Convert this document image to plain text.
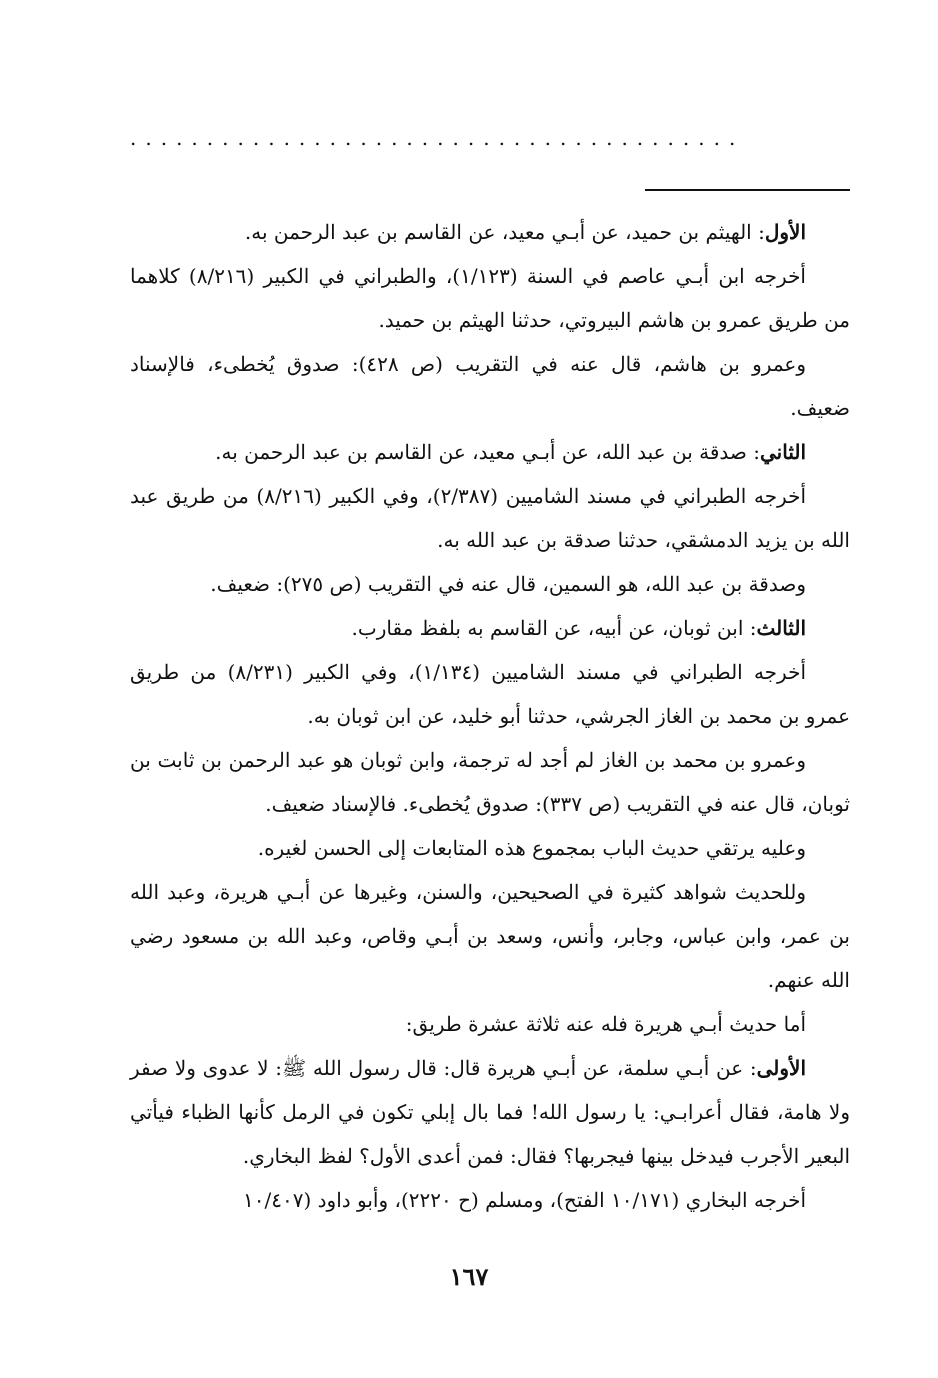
........................................

الأول: الهيثم بن حميد، عن أبـي معيد، عن القاسم بن عبد الرحمن به.

أخرجه ابن أبـي عاصم في السنة (١/١٢٣)، والطبراني في الكبير (٨/٢١٦) كلاهما من طريق عمرو بن هاشم البيروتي، حدثنا الهيثم بن حميد.

وعمرو بن هاشم، قال عنه في التقريب (ص ٤٢٨): صدوق يُخطىء، فالإسناد ضعيف.

الثاني: صدقة بن عبد الله، عن أبـي معيد، عن القاسم بن عبد الرحمن به.

أخرجه الطبراني في مسند الشاميين (٢/٣٨٧)، وفي الكبير (٨/٢١٦) من طريق عبد الله بن يزيد الدمشقي، حدثنا صدقة بن عبد الله به.

وصدقة بن عبد الله، هو السمين، قال عنه في التقريب (ص ٢٧٥): ضعيف.

الثالث: ابن ثوبان، عن أبيه، عن القاسم به بلفظ مقارب.

أخرجه الطبراني في مسند الشاميين (١/١٣٤)، وفي الكبير (٨/٢٣١) من طريق عمرو بن محمد بن الغاز الجرشي، حدثنا أبو خليد، عن ابن ثوبان به.

وعمرو بن محمد بن الغاز لم أجد له ترجمة، وابن ثوبان هو عبد الرحمن بن ثابت بن ثوبان، قال عنه في التقريب (ص ٣٣٧): صدوق يُخطىء. فالإسناد ضعيف.

وعليه يرتقي حديث الباب بمجموع هذه المتابعات إلى الحسن لغيره.

وللحديث شواهد كثيرة في الصحيحين، والسنن، وغيرها عن أبـي هريرة، وعبد الله بن عمر، وابن عباس، وجابر، وأنس، وسعد بن أبـي وقاص، وعبد الله بن مسعود رضي الله عنهم.

أما حديث أبـي هريرة فله عنه ثلاثة عشرة طريق:

الأولى: عن أبـي سلمة، عن أبـي هريرة قال: قال رسول الله ﷺ: لا عدوى ولا صفر ولا هامة، فقال أعرابـي: يا رسول الله! فما بال إبلي تكون في الرمل كأنها الظباء فيأتي البعير الأجرب فيدخل بينها فيجربها؟ فقال: فمن أعدى الأول؟ لفظ البخاري.

أخرجه البخاري (١٠/١٧١ الفتح)، ومسلم (ح ٢٢٢٠)، وأبو داود (١٠/٤٠٧

١٦٧
